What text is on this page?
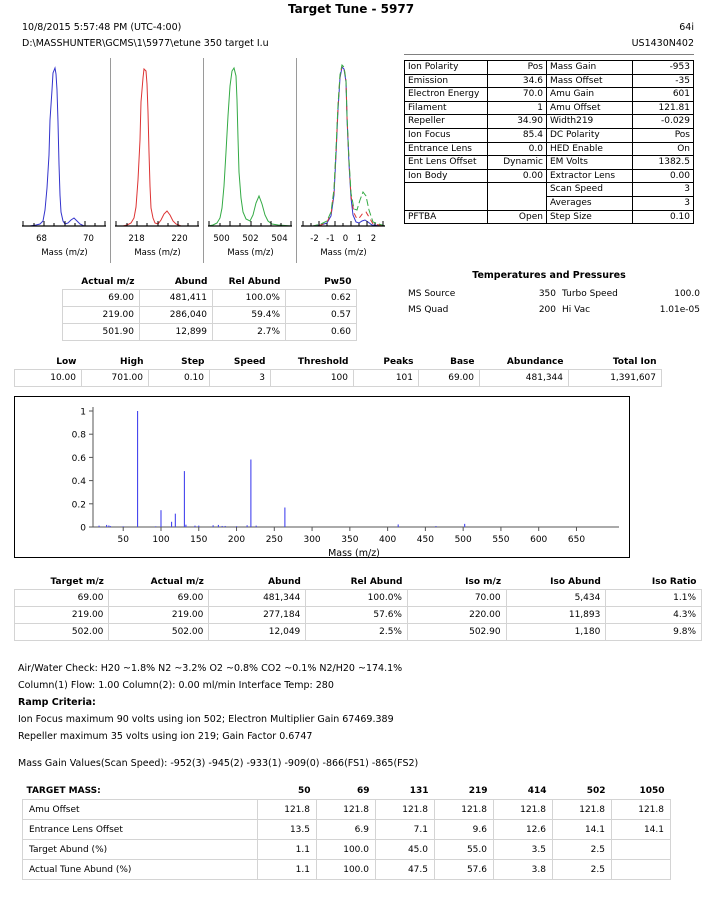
Target Tune - 5977
10/8/2015 5:57:48 PM (UTC-4:00)
D:\MASSHUNTER\GCMS\1\5977\etune 350 target I.u
64i
US1430N402
68	70
Mass (m/z)
218	220
Mass (m/z)
500 502 504
Mass (m/z)
-2 -1 0 1 2
Mass (m/z)
Ion Polarity	Pos	Mass Gain	-953
Emission	34.6	Mass Offset	-35
Electron Energy	70.0	Amu Gain	601
Filament	1	Amu Offset	121.81
Repeller	34.90	Width219	-0.029
Ion Focus	85.4	DC Polarity	Pos
Entrance Lens	0.0	HED Enable	On
Ent Lens Offset	Dynamic	EM Volts	1382.5
Ion Body	0.00	Extractor Lens	0.00
		Scan Speed	3
		Averages	3
PFTBA	Open	Step Size	0.10
Temperatures and Pressures
MS Source	350 Turbo Speed	100.0
MS Quad	200 Hi Vac	1.01e-05
Actual m/z	Abund	Rel Abund	Pw50
69.00	481,411	100.0%	0.62
219.00	286,040	59.4%	0.57
501.90	12,899	2.7%	0.60
Low	High	Step	Speed	Threshold	Peaks	Base	Abundance	Total Ion
10.00	701.00	0.10	3	100	101	69.00	481,344	1,391,607
0
0.2
0.4
0.6
0.8
1
50	100 150 200 250 300 350 400 450 500 550 600 650
Mass (m/z)
Target m/z	Actual m/z	Abund	Rel Abund	Iso m/z	Iso Abund	Iso Ratio
69.00	69.00	481,344	100.0%	70.00	5,434	1.1%
219.00	219.00	277,184	57.6%	220.00	11,893	4.3%
502.00	502.00	12,049	2.5%	502.90	1,180	9.8%
Air/Water Check: H20 ~1.8% N2 ~3.2% O2 ~0.8% CO2 ~0.1% N2/H20 ~174.1%
Column(1) Flow: 1.00 Column(2): 0.00 ml/min Interface Temp: 280
Ramp Criteria:
Ion Focus maximum 90 volts using ion 502; Electron Multiplier Gain 67469.389
Repeller maximum 35 volts using ion 219; Gain Factor 0.6747
Mass Gain Values(Scan Speed): -952(3) -945(2) -933(1) -909(0) -866(FS1) -865(FS2)
TARGET MASS:	50	69	131	219	414	502	1050
Amu Offset	121.8	121.8	121.8	121.8	121.8	121.8	121.8
Entrance Lens Offset	13.5	6.9	7.1	9.6	12.6	14.1	14.1
Target Abund (%)	1.1	100.0	45.0	55.0	3.5	2.5	
Actual Tune Abund (%)	1.1	100.0	47.5	57.6	3.8	2.5	
